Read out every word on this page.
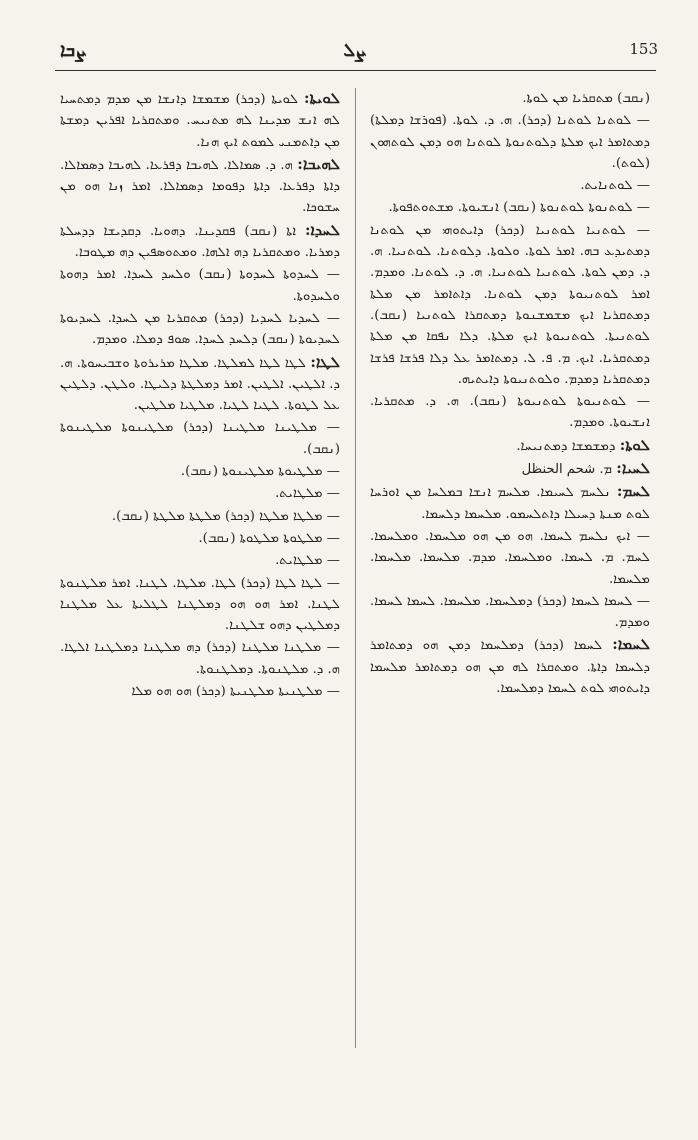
ܨܒܐ	ܨܠ	153
ܠܘܝܬܐ: ܠܘܝܬܐ (ܕܟܪ) ܡܫܡܫܐ ܕܐܢܫܐ ܡܢ ܡܕܡ ܕܡܬܚܝܐ ܠܗ ܐܢܫ ܡܕܝܢܐ ܠܗ ܡܬܢܝܚ. ܘܡܬܩܪܝܐ ܐܦܪܝܢ ܕܡܫܬܐ ܡܢ ܕܐܬܡܢܝ ܠܡܘܬ ܐܝܟ ܗܢܐ.
ܠܗܝܒܐ: ܗ. ܕ. ܣܡܐܠܐ. ܠܗܝܒܐ ܕܦܪܥܐ. ܠܗܝܒܐ ܕܣܡܐܠܐ. ܕܐܬܐ ܕܦܪܥܐ. ܕܐܬܐ ܕܦܘܡܐ ܕܣܡܐܠܐ. ܐܡܪ ܙܢܐ ܗܘ ܡܢ ܚܫܘܟܐ.
ܠܚܕܐ: ܐܬܐ (ܢܩܒ) ܦܩܕܝܢܐ. ܕܗܘܝܐ. ܕܩܕܝܫܐ ܕܕܚܠܬܐ ܕܡܪܝܐ. ܘܡܬܩܪܝܐ ܕܗ ܐܠܗܐ. ܘܡܬܘܣܦܝܢ ܕܗ ܡܛܘܒܐ.
— ܠܚܕܘܬܐ ܠܚܕܘܬܐ (ܢܩܒ) ܘܠܚܕ ܠܚܕܐ. ܐܡܪ ܕܗܘܬܐ ܘܠܚܕܘܬܐ.
— ܠܚܕܝܐ ܠܚܕܝܐ (ܕܟܪ) ܡܬܩܪܝܐ ܡܢ ܠܚܕܐ. ܠܚܕܝܘܬܐ ܠܚܕܝܘܬܐ (ܢܩܒ) ܕܠܚܕ ܠܚܕܐ. ܣܘܦ ܕܡܠܐ. ܘܡܕܡ.
ܠܛܐ: ܠܛܐ ܠܛܐ ܠܡܠܛܐ. ܡܠܛܐ ܡܪܝܪܘܬܐ ܘܫܒܝܚܘܬܐ. ܗ. ܕ. ܐܠܛܝܢ. ܐܠܛܝܢ. ܐܡܪ ܕܡܠܛܬܐ ܕܠܝܛܐ. ܘܠܛܢ. ܕܠܛܝܢ ܥܠ ܠܛܘܬܐ. ܠܛܝܐ ܠܛܝܐ. ܡܠܛܝܐ ܡܠܛܝܢ.
— ܡܠܛܝܢܐ ܡܠܛܝܢܐ (ܕܟܪ) ܡܠܛܝܢܘܬܐ ܡܠܛܝܢܘܬܐ (ܢܩܒ).
— ܡܠܛܝܘܬܐ ܡܠܛܝܢܘܬܐ (ܢܩܒ).
— ܡܠܛܐܝܬ.
— ܡܠܛܐ ܡܠܛܐ (ܕܟܪ) ܡܠܛܬܐ ܡܠܛܬܐ (ܢܩܒ).
— ܡܠܛܘܬܐ ܡܠܛܘܬܐ (ܢܩܒ).
— ܡܠܛܐܝܬ.
— ܠܛܐ ܠܛܐ (ܕܟܪ) ܠܛܐ. ܡܠܛܐ. ܠܛܢܐ. ܐܡܪ ܡܠܛܢܘܬܐ ܠܛܢܐ. ܐܡܪ ܗܘ ܗܘ ܕܡܠܛܢܐ ܠܛܠܝܬܐ ܥܠ ܡܠܛܢܐ ܕܡܠܛܝܢ ܕܗܘ ܫܠܛܢܐ.
— ܡܠܛܢܐ ܡܠܛܢܐ (ܕܟܪ) ܕܗ ܡܠܛܢܐ ܕܡܠܛܢܐ ܐܠܛܐ. ܗ. ܕ. ܡܠܛܢܘܬܐ. ܕܡܠܛܢܘܬܐ.
— ܡܠܛܢܝܬܐ ܡܠܛܢܝܬܐ (ܕܟܪ) ܗܘ ܗܘ ܡܠܐ
(ܢܩܒ) ܡܬܩܪܝܐ ܡܢ ܠܘܬܐ.
— ܠܘܬܢܐ ܠܘܬܢܐ (ܕܟܪ). ܗ. ܕ. ܠܘܬܐ. (ܦܘܪܫܐ ܕܡܠܬܐ) ܕܡܬܐܡܪ ܐܝܟ ܡܠܬܐ ܕܠܘܬܢܘܬܐ ܠܘܬܢܐ ܗܘ ܕܡܢ ܠܘܬܗܘܢ (ܠܘܬ).
— ܠܘܬܢܐܝܬ.
— ܠܘܬܢܘܬܐ ܠܘܬܢܘܬܐ (ܢܩܒ) ܐܢܫܝܘܬܐ. ܡܫܬܘܬܦܘܬܐ.
— ܠܘܬܢܝܐ ܠܘܬܢܝܐ (ܕܟܪ) ܕܐܝܬܘܗܝ ܡܢ ܠܘܬܢܐ ܕܡܬܝܕܥ ܒܗ. ܐܡܪ ܠܘܬܐ. ܘܠܘܬܐ. ܕܠܘܬܢܐ. ܠܘܬܢܝܐ. ܗ. ܕ. ܕܡܢ ܠܘܬܐ. ܠܘܬܢܝܐ ܠܘܬܢܝܐ. ܗ. ܕ. ܠܘܬܢܐ. ܘܡܕܡ. ܐܡܪ ܠܘܬܢܝܘܬܐ ܕܡܢ ܠܘܬܢܐ. ܕܐܬܐܡܪ ܡܢ ܡܠܬܐ ܕܡܬܩܪܝܐ ܐܝܟ ܡܫܡܫܢܘܬܐ ܕܡܬܩܪܐ ܠܘܬܢܝܐ (ܢܩܒ). ܠܘܬܢܝܬܐ. ܠܘܬܢܝܘܬܐ ܐܝܟ ܡܠܬܐ. ܕܠܐ ܢܦܩܐ ܡܢ ܡܠܬܐ ܕܡܬܩܪܝܐ. ܐܝܟ. ܡ. ܦ. ܠ. ܕܡܬܐܡܪ ܥܠ ܕܠܐ ܦܪܫܐ ܦܪܫܐ ܕܡܬܩܪܝܐ ܕܡܕܡ. ܘܠܘܬܢܝܘܬܐ ܕܐܝܬܝܗ.
— ܠܘܬܢܝܘܬܐ ܠܘܬܢܝܘܬܐ (ܢܩܒ). ܗ. ܕ. ܡܬܩܪܝܐ. ܐܢܫܝܘܬܐ. ܘܡܕܡ.
ܠܘܬܐ: ܕܡܫܡܫܐ ܕܡܬܢܝܚܐ.
ܠܚܝܐ: ܡ. شحم الحنظل
ܠܚܡ: ܢܠܚܡ ܠܚܝܡܐ. ܡܠܚܡ ܐܢܫܐ ܒܡܠܚܐ ܡܢ ܐܘܪܚܐ ܠܘܬ ܡܢܬܐ ܕܚܝܠܐ ܕܐܬܠܚܡܘ. ܡܠܚܡܐ ܕܠܚܡܐ.
— ܐܝܟ ܢܠܚܡ ܠܚܡܐ. ܗܘ ܡܢ ܗܘ ܡܠܚܡܐ. ܘܡܠܚܡܐ. ܠܚܡ. ܡ. ܠܚܡܐ. ܘܡܠܚܡܐ. ܡܕܡ. ܡܠܚܡܐ. ܡܠܚܡܐ. ܡܠܚܡܐ.
— ܠܚܡܐ ܠܚܡܐ (ܕܟܪ) ܕܡܠܚܡܐ. ܡܠܚܡܐ. ܠܚܡܐ ܠܚܡܐ. ܘܡܕܡ.
ܠܚܡܐ: ܠܚܡܐ (ܕܟܪ) ܕܡܠܚܡܐ ܕܡܢ ܗܘ ܕܡܬܐܡܪ ܕܠܚܡܐ ܕܐܬܐ. ܘܡܬܩܪܐ ܠܗ ܡܢ ܗܘ ܕܡܬܐܡܪ ܡܠܚܡܐ ܕܐܝܬܘܗܝ ܠܘܬ ܠܚܡܐ ܕܡܠܚܡܐ.
